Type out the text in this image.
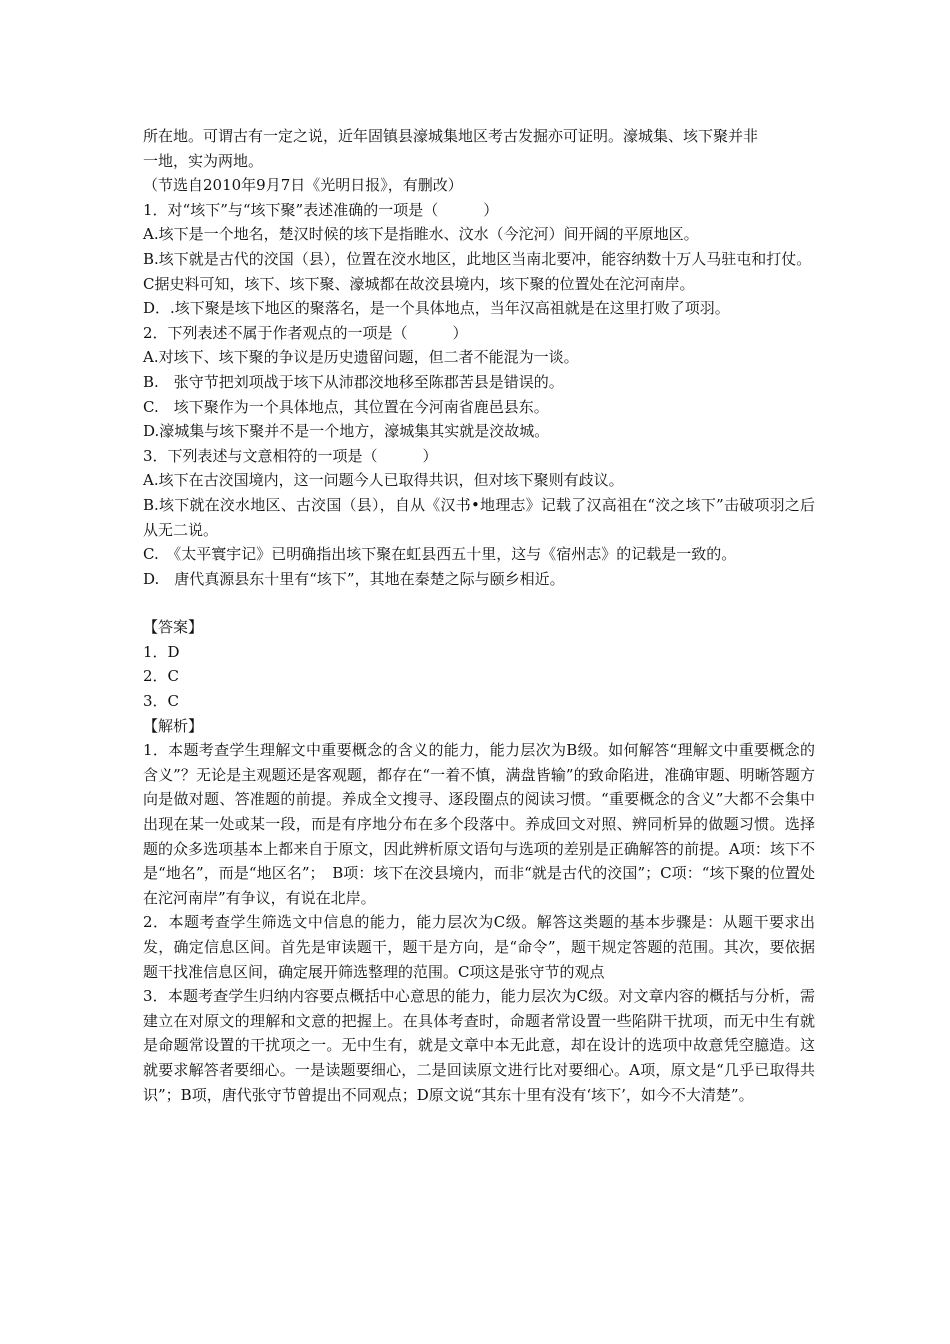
所在地。可谓古有一定之说，近年固镇县濠城集地区考古发掘亦可证明。濠城集、垓下聚并非

一地，实为两地。

（节选自2010年9月7日《光明日报》，有删改）

1．对“垓下”与“垓下聚”表述准确的一项是（　　　）

A.垓下是一个地名，楚汉时候的垓下是指睢水、汶水（今沱河）间开阔的平原地区。

B.垓下就是古代的洨国（县），位置在洨水地区，此地区当南北要冲，能容纳数十万人马驻屯和打仗。

C据史料可知，垓下、垓下聚、濠城都在故洨县境内，垓下聚的位置处在沱河南岸。

D．.垓下聚是垓下地区的聚落名，是一个具体地点，当年汉高祖就是在这里打败了项羽。

2．下列表述不属于作者观点的一项是（　　　）

A.对垓下、垓下聚的争议是历史遗留问题，但二者不能混为一谈。

B.　张守节把刘项战于垓下从沛郡洨地移至陈郡苦县是错误的。

C.　垓下聚作为一个具体地点，其位置在今河南省鹿邑县东。

D.濠城集与垓下聚并不是一个地方，濠城集其实就是洨故城。

3．下列表述与文意相符的一项是（　　　）

A.垓下在古洨国境内，这一问题今人已取得共识，但对垓下聚则有歧议。

B.垓下就在洨水地区、古洨国（县），自从《汉书•地理志》记载了汉高祖在“洨之垓下”击破项羽之后从无二说。

C.　《太平寰宇记》已明确指出垓下聚在虹县西五十里，这与《宿州志》的记载是一致的。

D.　唐代真源县东十里有“垓下”，其地在秦楚之际与颐乡相近。

【答案】

1．D

2．C

3．C

【解析】

1．本题考查学生理解文中重要概念的含义的能力，能力层次为B级。如何解答“理解文中重要概念的含义”？无论是主观题还是客观题，都存在“一着不慎，满盘皆输”的致命陷进，准确审题、明晰答题方向是做对题、答准题的前提。养成全文搜寻、逐段圈点的阅读习惯。“重要概念的含义”大都不会集中出现在某一处或某一段，而是有序地分布在多个段落中。养成回文对照、辨同析异的做题习惯。选择题的众多选项基本上都来自于原文，因此辨析原文语句与选项的差别是正确解答的前提。A项：垓下不是“地名”，而是“地区名”；　B项：垓下在洨县境内，而非“就是古代的洨国”；C项：“垓下聚的位置处在沱河南岸”有争议，有说在北岸。

2．本题考查学生筛选文中信息的能力，能力层次为C级。解答这类题的基本步骤是：从题干要求出发，确定信息区间。首先是审读题干，题干是方向，是“命令”，题干规定答题的范围。其次，要依据题干找准信息区间，确定展开筛选整理的范围。C项这是张守节的观点

3．本题考查学生归纳内容要点概括中心意思的能力，能力层次为C级。对文章内容的概括与分析，需建立在对原文的理解和文意的把握上。在具体考查时，命题者常设置一些陷阱干扰项，而无中生有就是命题常设置的干扰项之一。无中生有，就是文章中本无此意，却在设计的选项中故意凭空臆造。这就要求解答者要细心。一是读题要细心，二是回读原文进行比对要细心。A项，原文是“几乎已取得共识”；B项，唐代张守节曾提出不同观点；D原文说“其东十里有没有‘垓下’，如今不大清楚”。
